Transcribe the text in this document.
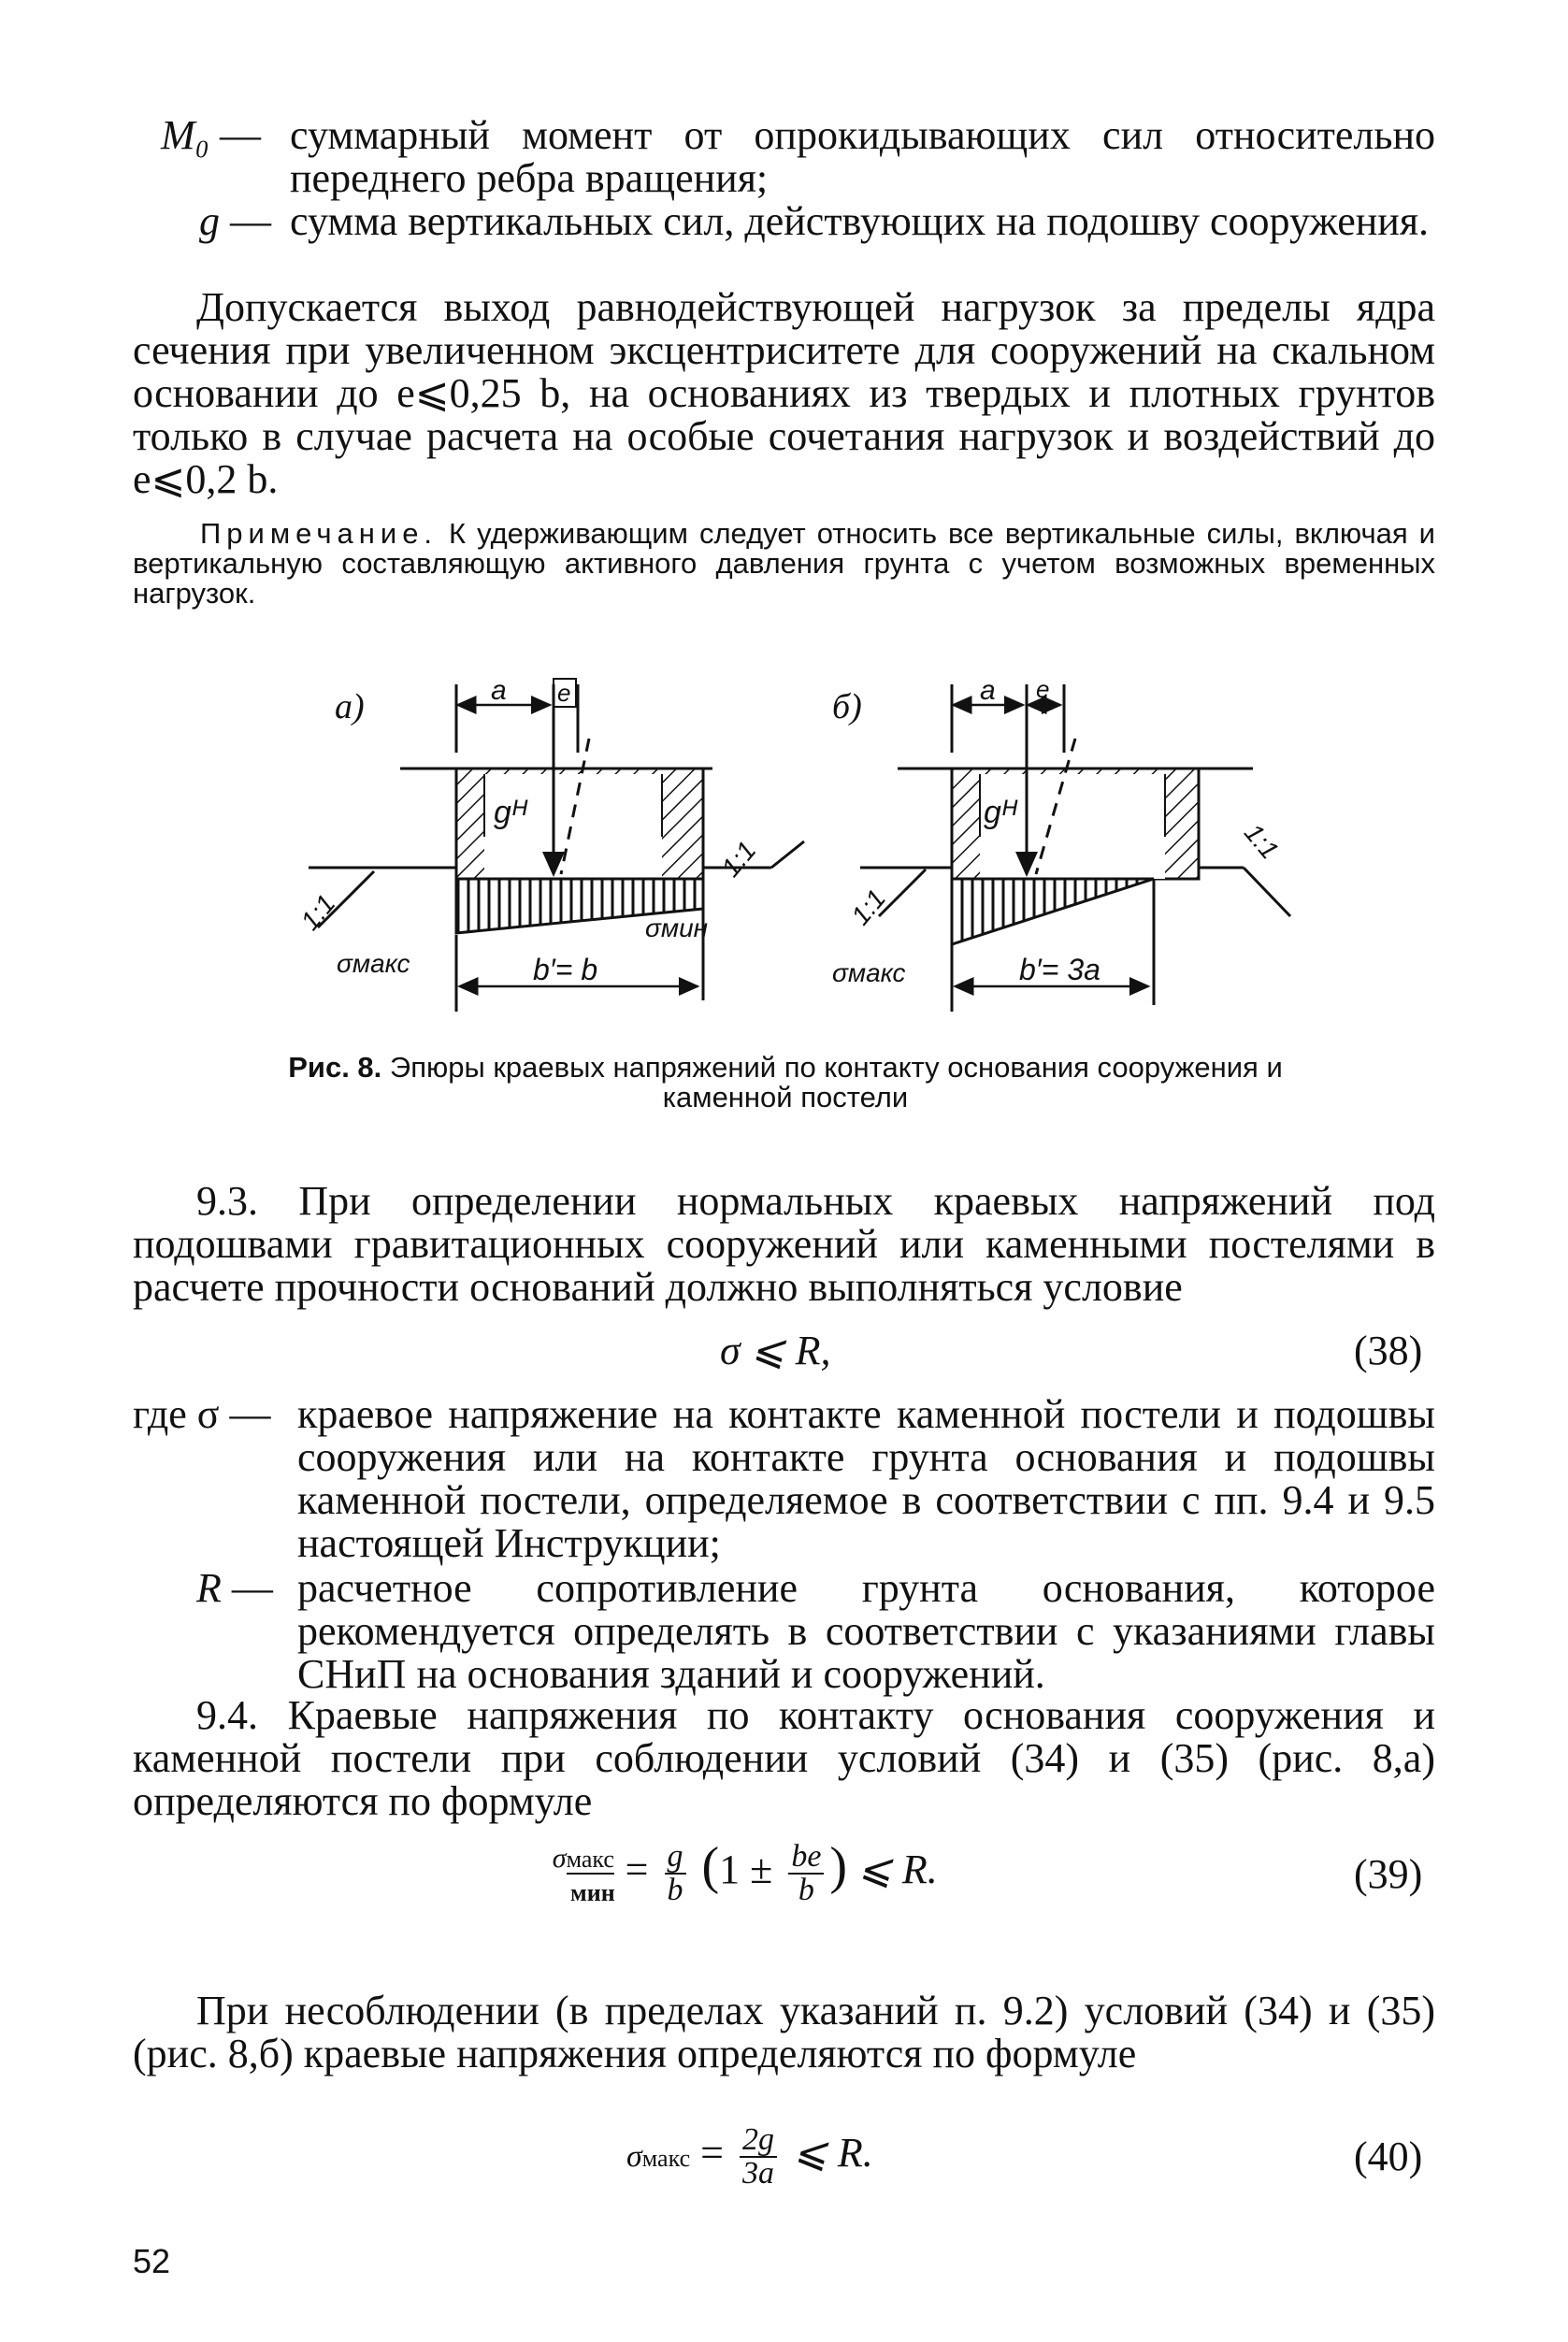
M₀ — суммарный момент от опрокидывающих сил относительно переднего ребра вращения;
g — сумма вертикальных сил, действующих на подошву сооружения.
Допускается выход равнодействующей нагрузок за пределы ядра сечения при увеличенном эксцентриситете для сооружений на скальном основании до e⩽0,25 b, на основаниях из твердых и плотных грунтов только в случае расчета на особые сочетания нагрузок и воздействий до e⩽0,2 b.
Примечание. К удерживающим следует относить все вертикальные силы, включая и вертикальную составляющую активного давления грунта с учетом возможных временных нагрузок.
а)	a e
gᴴ
1:1
1:1
σмакс
σмин
b′= b
б)	a e
gᴴ
1:1
1:1
σмакс	b′= 3a
Рис. 8. Эпюры краевых напряжений по контакту основания сооружения и каменной постели
9.3. При определении нормальных краевых напряжений под подошвами гравитационных сооружений или каменными постелями в расчете прочности оснований должно выполняться условие
σ ⩽ R,	(38)
где σ — краевое напряжение на контакте каменной постели и подошвы сооружения или на контакте грунта основания и подошвы каменной постели, определяемое в соответствии с пп. 9.4 и 9.5 настоящей Инструкции;
R — расчетное сопротивление грунта основания, которое рекомендуется определять в соответствии с указаниями главы СНиП на основания зданий и сооружений.
9.4. Краевые напряжения по контакту основания сооружения и каменной постели при соблюдении условий (34) и (35) (рис. 8,а) определяются по формуле
σмакс
мин = $\frac{g}{b} (1 \pm \frac{be}{b}$ ) ⩽ R.	(39)
При несоблюдении (в пределах указаний п. 9.2) условий (34) и (35) (рис. 8,б) краевые напряжения определяются по формуле
σмакс = $\frac{2g}{3a}$ ⩽ R.	(40)
52
